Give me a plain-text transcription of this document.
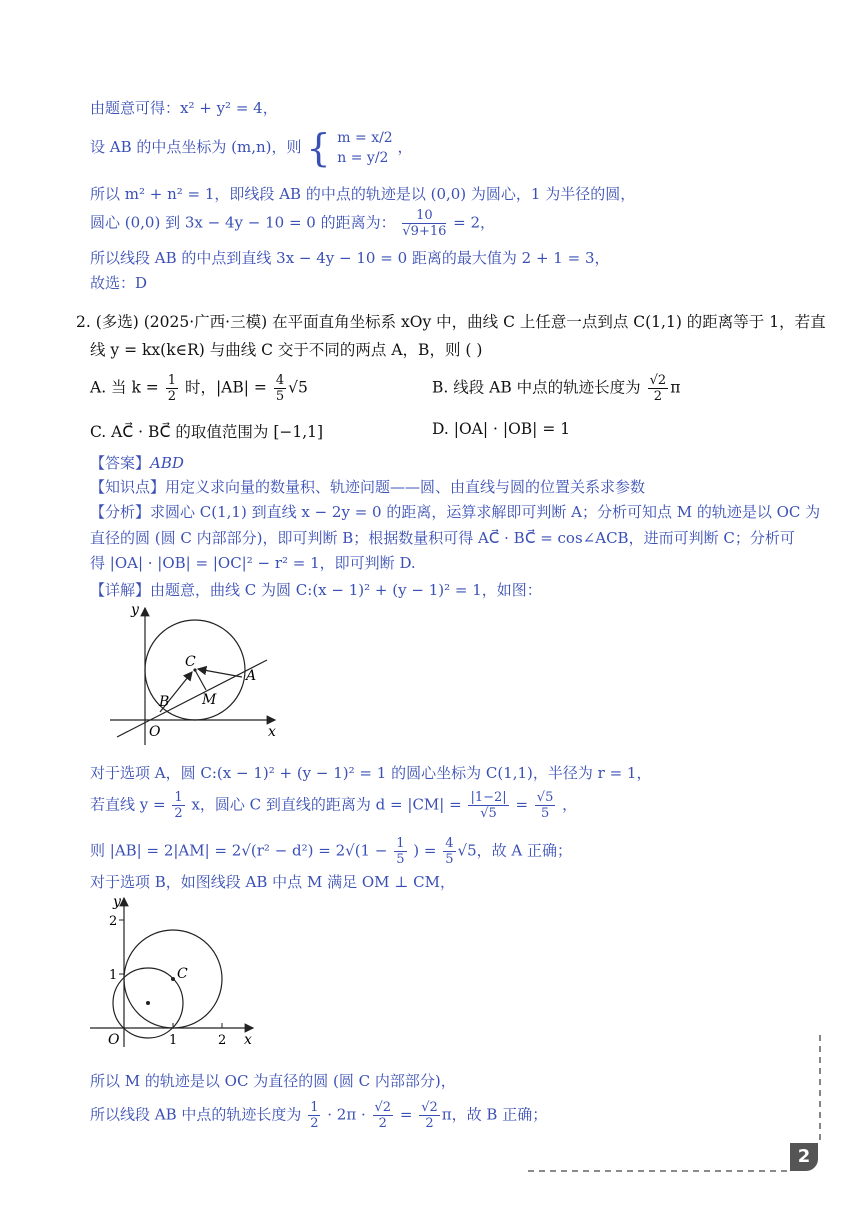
由题意可得：x² + y² = 4，
设 AB 的中点坐标为 (m,n)，则 { m = x/2
n = y/2
，
所以 m² + n² = 1，即线段 AB 的中点的轨迹是以 (0,0) 为圆心，1 为半径的圆，
圆心 (0,0) 到 3x − 4y − 10 = 0 的距离为： $\frac{10}{√9+16} = 2$，
所以线段 AB 的中点到直线 3x − 4y − 10 = 0 距离的最大值为 2 + 1 = 3，
故选：D
2. (多选) (2025·广西·三模) 在平面直角坐标系 xOy 中，曲线 C 上任意一点到点 C(1,1) 的距离等于 1，若直
线 y = kx(k∈R) 与曲线 C 交于不同的两点 A，B，则 ( )
A. 当 $k = \frac{1}{2}$ 时，$|AB| = \frac{4}{5} √5$	B. 线段 AB 中点的轨迹长度为 $\frac{√2}{2}$ π
C. AC⃗ · BC⃗ 的取值范围为 [−1,1]	D. |OA| · |OB| = 1
【答案】ABD
【知识点】用定义求向量的数量积、轨迹问题——圆、由直线与圆的位置关系求参数
【分析】求圆心 C(1,1) 到直线 x − 2y = 0 的距离，运算求解即可判断 A；分析可知点 M 的轨迹是以 OC 为
直径的圆 (圆 C 内部部分)，即可判断 B；根据数量积可得 AC⃗ · BC⃗ = cos∠ACB，进而可判断 C；分析可
得 |OA| · |OB| = |OC|² − r² = 1，即可判断 D.
【详解】由题意，曲线 C 为圆 C:(x − 1)² + (y − 1)² = 1，如图：
y
x
O
C
A
B M
对于选项 A，圆 C:(x − 1)² + (y − 1)² = 1 的圆心坐标为 C(1,1)，半径为 r = 1，
若直线 $y = \frac{1}{2}$ x，圆心 C 到直线的距离为 $d = |CM| = \frac{|1-2|}{√5} = \frac{√5}{5}$ ，
则 $|AB| = 2|AM| = 2√(r^2 - d^2) = 2√(1 - \frac{1}{5}$ ) = $\frac{4}{5} √5$，故 A 正确；
对于选项 B，如图线段 AB 中点 M 满足 OM ⊥ CM，
y
x
O
C
1	2
1
2
所以 M 的轨迹是以 OC 为直径的圆 (圆 C 内部部分)，
所以线段 AB 中点的轨迹长度为 $\frac{1}{2} \cdot 2\pi \cdot \frac{√2}{2} = \frac{√2}{2}$ π，故 B 正确；
2
